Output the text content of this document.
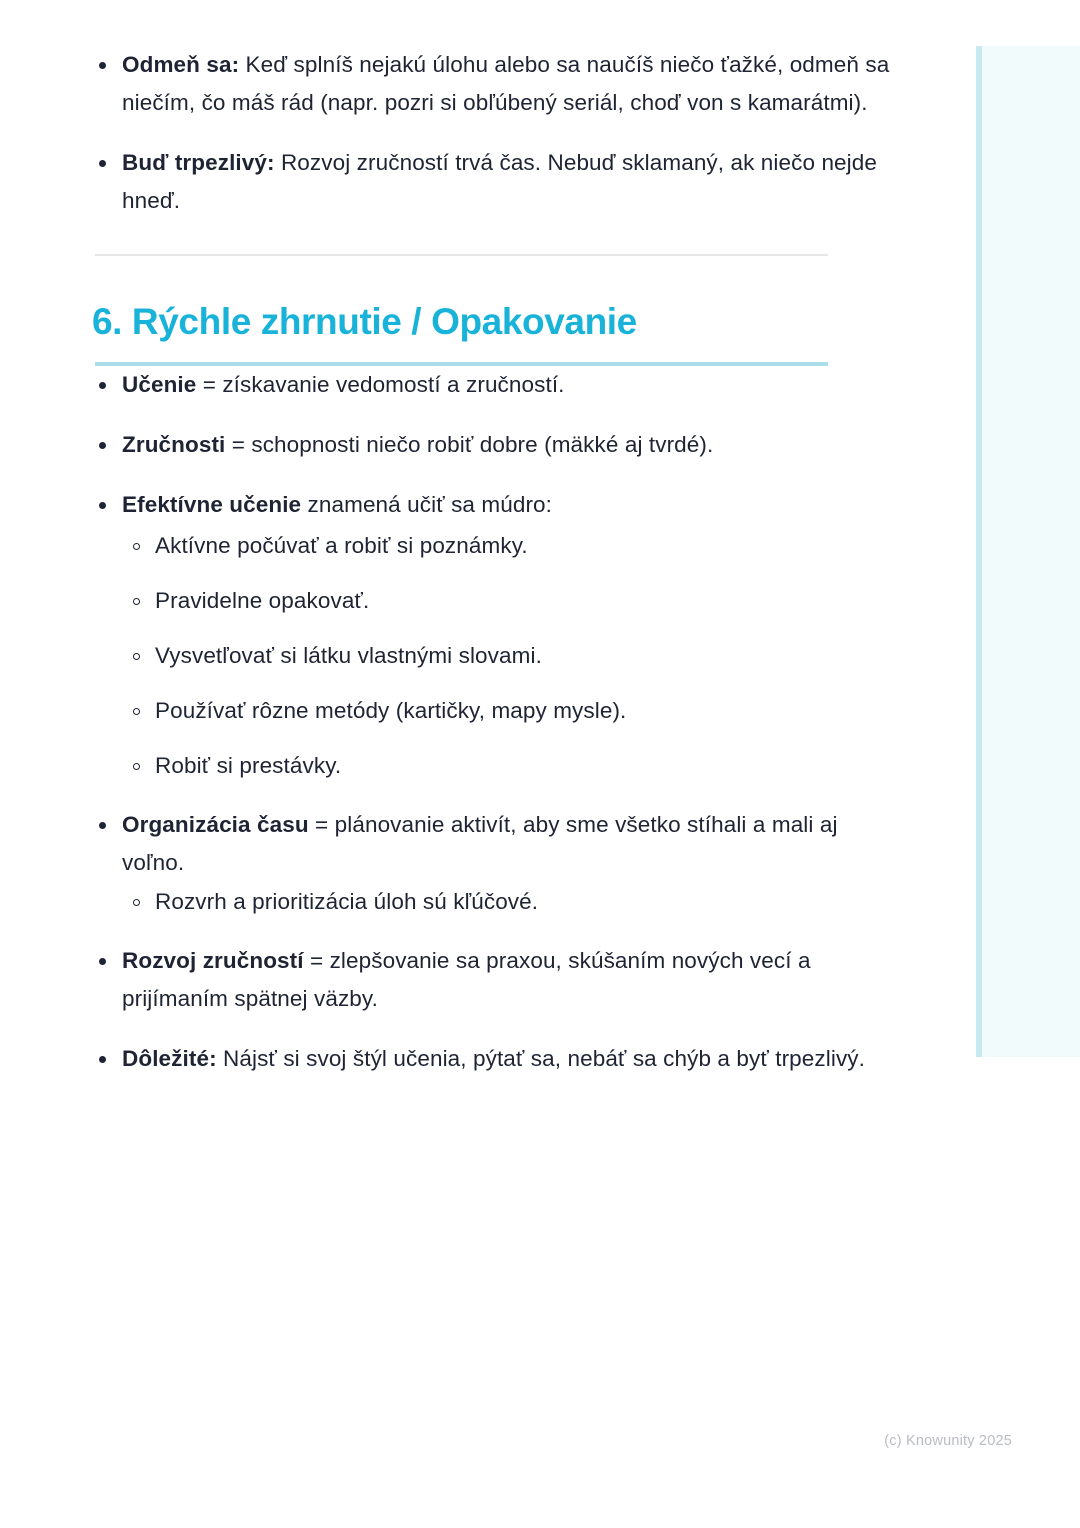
Odmeň sa: Keď splníš nejakú úlohu alebo sa naučíš niečo ťažké, odmeň sa niečím, čo máš rád (napr. pozri si obľúbený seriál, choď von s kamarátmi).
Buď trpezlivý: Rozvoj zručností trvá čas. Nebuď sklamaný, ak niečo nejde hneď.
6. Rýchle zhrnutie / Opakovanie
Učenie = získavanie vedomostí a zručností.
Zručnosti = schopnosti niečo robiť dobre (mäkké aj tvrdé).
Efektívne učenie znamená učiť sa múdro:
Aktívne počúvať a robiť si poznámky.
Pravidelne opakovať.
Vysvetľovať si látku vlastnými slovami.
Používať rôzne metódy (kartičky, mapy mysle).
Robiť si prestávky.
Organizácia času = plánovanie aktivít, aby sme všetko stíhali a mali aj voľno.
Rozvrh a prioritizácia úloh sú kľúčové.
Rozvoj zručností = zlepšovanie sa praxou, skúšaním nových vecí a prijímaním spätnej väzby.
Dôležité: Nájsť si svoj štýl učenia, pýtať sa, nebáť sa chýb a byť trpezlivý.
(c) Knowunity 2025
